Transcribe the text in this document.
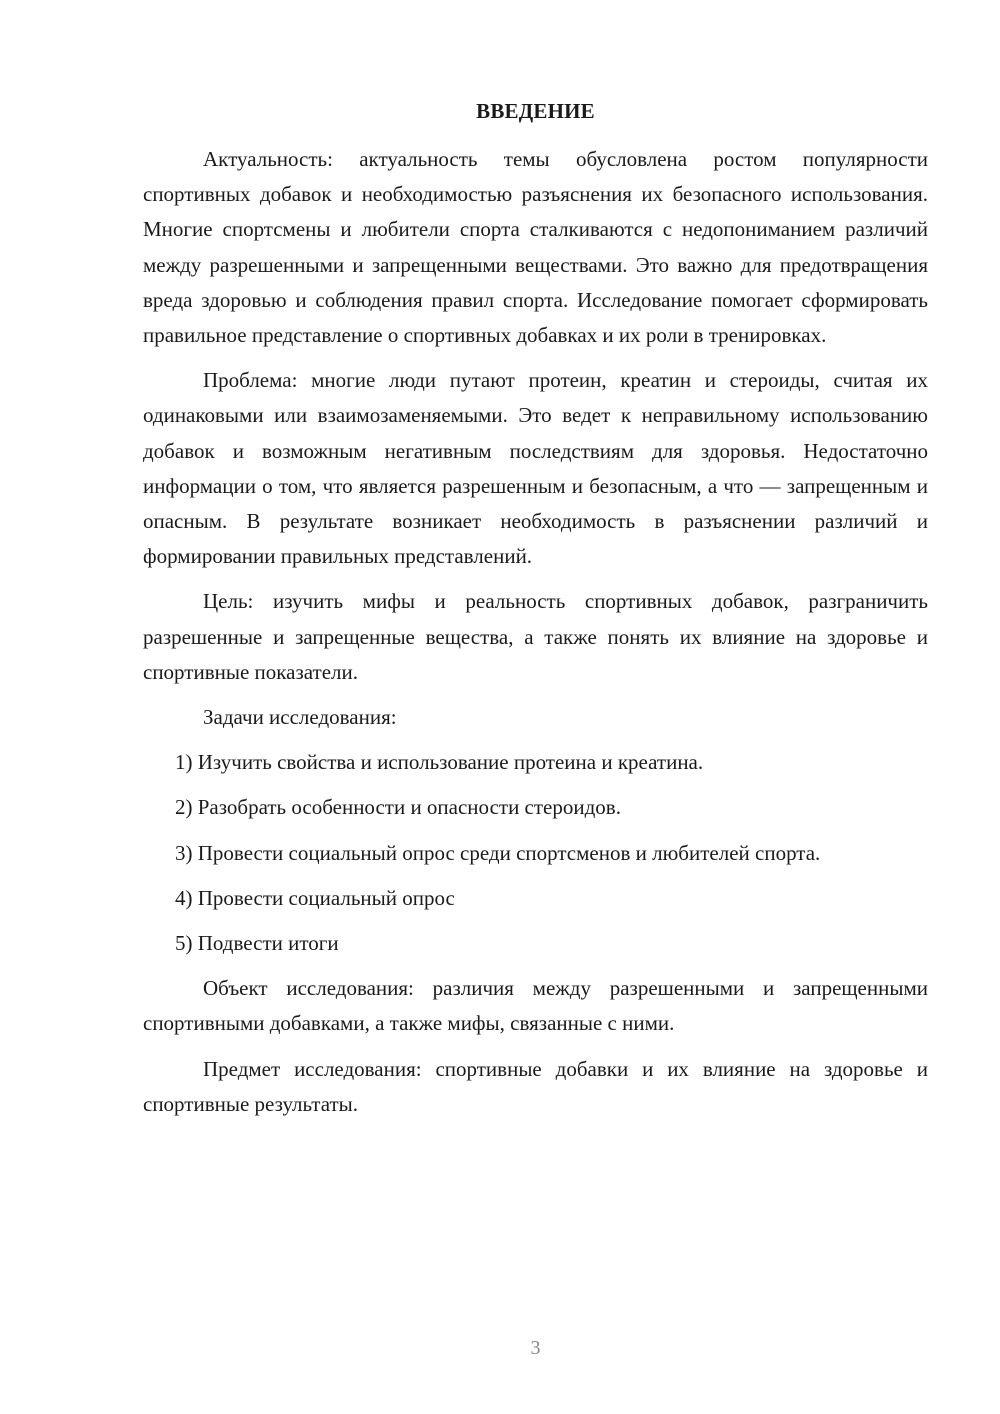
ВВЕДЕНИЕ

Актуальность: актуальность темы обусловлена ростом популярности спортивных добавок и необходимостью разъяснения их безопасного использования. Многие спортсмены и любители спорта сталкиваются с недопониманием различий между разрешенными и запрещенными веществами. Это важно для предотвращения вреда здоровью и соблюдения правил спорта. Исследование помогает сформировать правильное представление о спортивных добавках и их роли в тренировках.

Проблема: многие люди путают протеин, креатин и стероиды, считая их одинаковыми или взаимозаменяемыми. Это ведет к неправильному использованию добавок и возможным негативным последствиям для здоровья. Недостаточно информации о том, что является разрешенным и безопасным, а что — запрещенным и опасным. В результате возникает необходимость в разъяснении различий и формировании правильных представлений.

Цель: изучить мифы и реальность спортивных добавок, разграничить разрешенные и запрещенные вещества, а также понять их влияние на здоровье и спортивные показатели.

Задачи исследования:

1) Изучить свойства и использование протеина и креатина.

2) Разобрать особенности и опасности стероидов.

3) Провести социальный опрос среди спортсменов и любителей спорта.

4) Провести социальный опрос

5) Подвести итоги

Объект исследования: различия между разрешенными и запрещенными спортивными добавками, а также мифы, связанные с ними.

Предмет исследования: спортивные добавки и их влияние на здоровье и спортивные результаты.

3
